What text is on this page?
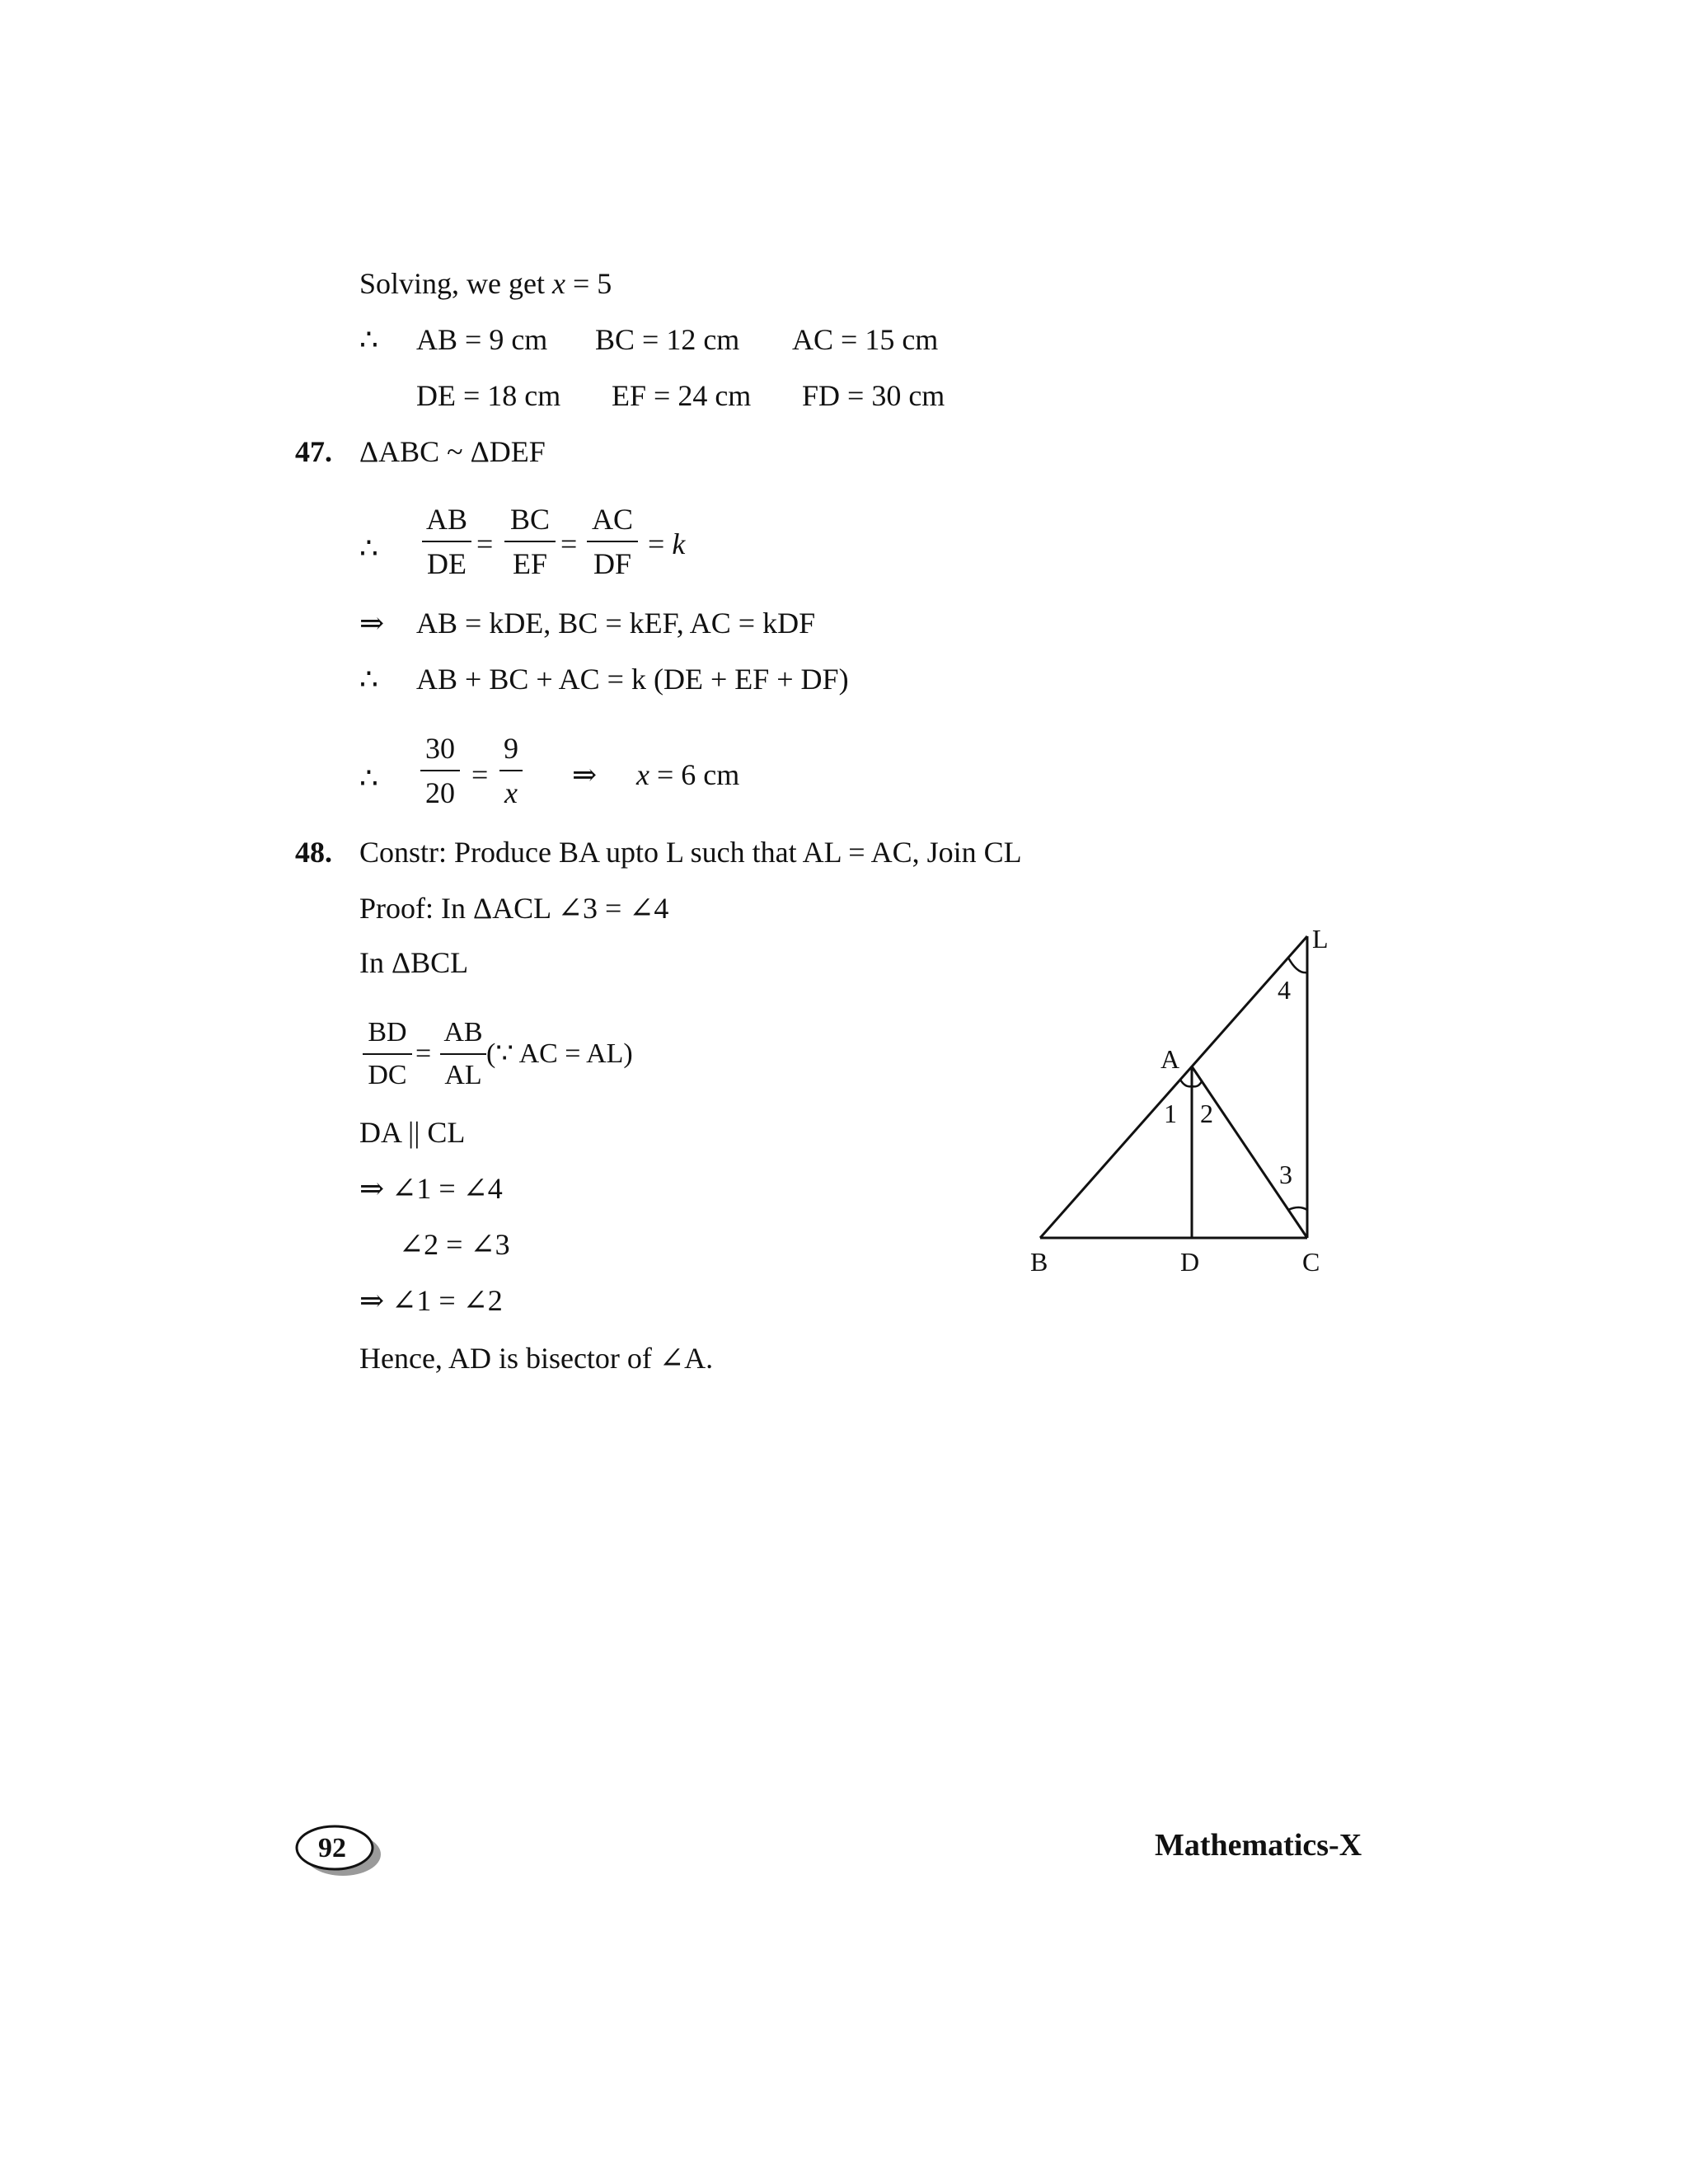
Solving, we get x = 5
∴ AB = 9 cm BC = 12 cm AC = 15 cm
DE = 18 cm EF = 24 cm FD = 30 cm
47. ΔABC ~ ΔDEF
∴
AB
DE
=
BC
EF
=
AC
DF
= k
⇒ AB = kDE, BC = kEF, AC = kDF
∴ AB + BC + AC = k (DE + EF + DF)
∴
30
20
=
9
x
⇒ x = 6 cm
48. Constr: Produce BA upto L such that AL = AC, Join CL
Proof: In ΔACL ∠3 = ∠4
In ΔBCL
BD
DC
=
AB
AL
(∵ AC = AL)
DA || CL
⇒ ∠1 = ∠4
∠2 = ∠3
⇒ ∠1 = ∠2
Hence, AD is bisector of ∠A.
L
A
B	D	C
4
1 2
3
92	Mathematics-X
